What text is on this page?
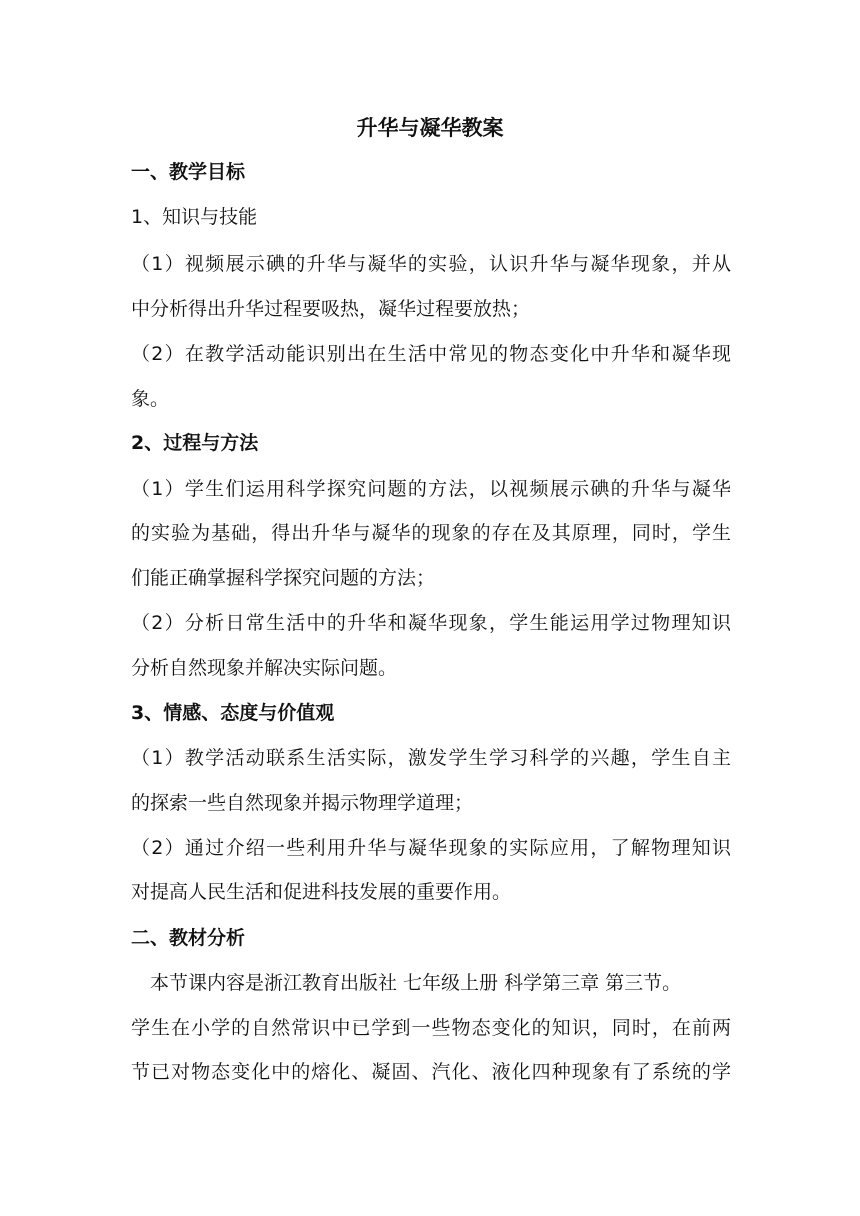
升华与凝华教案
一、教学目标
1、知识与技能
（1）视频展示碘的升华与凝华的实验，认识升华与凝华现象，并从
中分析得出升华过程要吸热，凝华过程要放热；
（2）在教学活动能识别出在生活中常见的物态变化中升华和凝华现
象。
2、过程与方法
（1）学生们运用科学探究问题的方法，以视频展示碘的升华与凝华
的实验为基础，得出升华与凝华的现象的存在及其原理，同时，学生
们能正确掌握科学探究问题的方法；
（2）分析日常生活中的升华和凝华现象，学生能运用学过物理知识
分析自然现象并解决实际问题。
3、情感、态度与价值观
（1）教学活动联系生活实际，激发学生学习科学的兴趣，学生自主
的探索一些自然现象并揭示物理学道理；
（2）通过介绍一些利用升华与凝华现象的实际应用，了解物理知识
对提高人民生活和促进科技发展的重要作用。
二、教材分析
本节课内容是浙江教育出版社 七年级上册 科学第三章 第三节。
学生在小学的自然常识中已学到一些物态变化的知识，同时，在前两
节已对物态变化中的熔化、凝固、汽化、液化四种现象有了系统的学
